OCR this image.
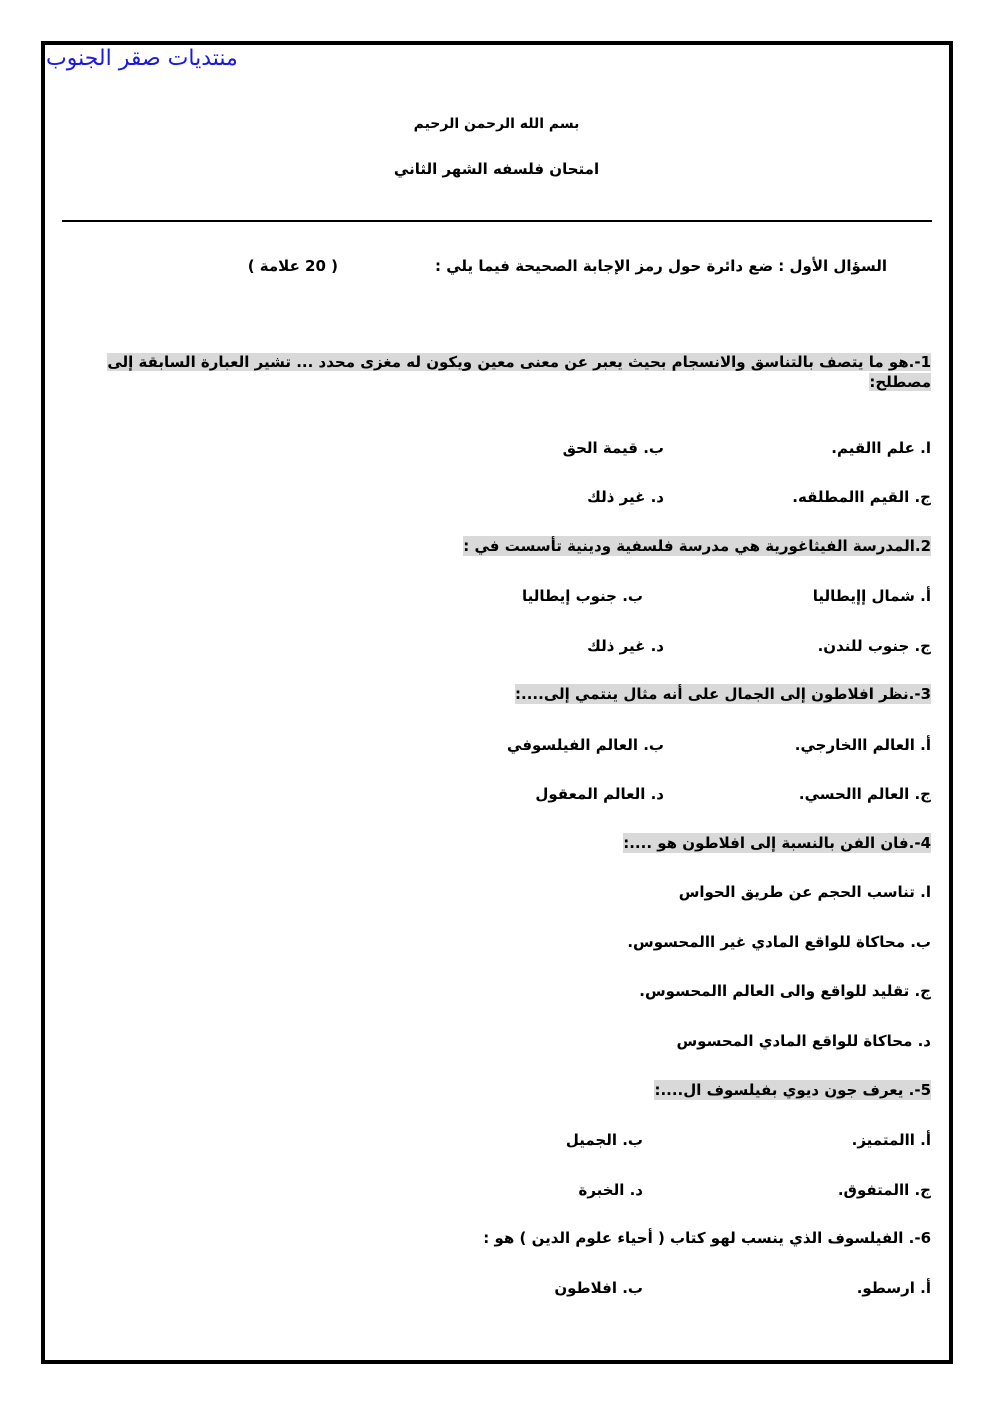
منتديات صقر الجنوب
بسم الله الرحمن الرحيم
امتحان فلسفه الشهر الثاني
السؤال الأول : ضع دائرة حول رمز الإجابة الصحيحة فيما يلي :
( 20 علامة )
1-.هو ما يتصف بالتناسق والانسجام بحيث يعبر عن معنى معين ويكون له مغزى محدد ... تشير العبارة السابقة إلى
مصطلح:
ا. علم االقيم.
ب. قيمة الحق
ج. القيم االمطلقه.
د. غير ذلك
2.المدرسة الفيثاغورية هي مدرسة فلسفية ودينية تأسست في :
أ. شمال إإيطاليا
ب. جنوب إيطاليا
ج. جنوب للندن.
د. غير ذلك
3-.نظر افلاطون إلى الجمال على أنه مثال ينتمي إلى....:
أ. العالم االخارجي.
ب. العالم الفيلسوفي
ج. العالم االحسي.
د. العالم المعقول
4-.فان الفن بالنسبة إلى افلاطون هو ....:
ا. تناسب الحجم عن طريق الحواس
ب. محاكاة للواقع المادي غير االمحسوس.
ج. تقليد للواقع والى العالم االمحسوس.
د. محاكاة للواقع المادي المحسوس
5-. يعرف جون ديوي بفيلسوف ال....:
أ. االمتميز.
ب. الجميل
ج. االمتفوق.
د. الخبرة
6-. الفيلسوف الذي ينسب لهو كتاب ( أحياء علوم الدين ) هو :
أ. ارسطو.
ب. افلاطون
